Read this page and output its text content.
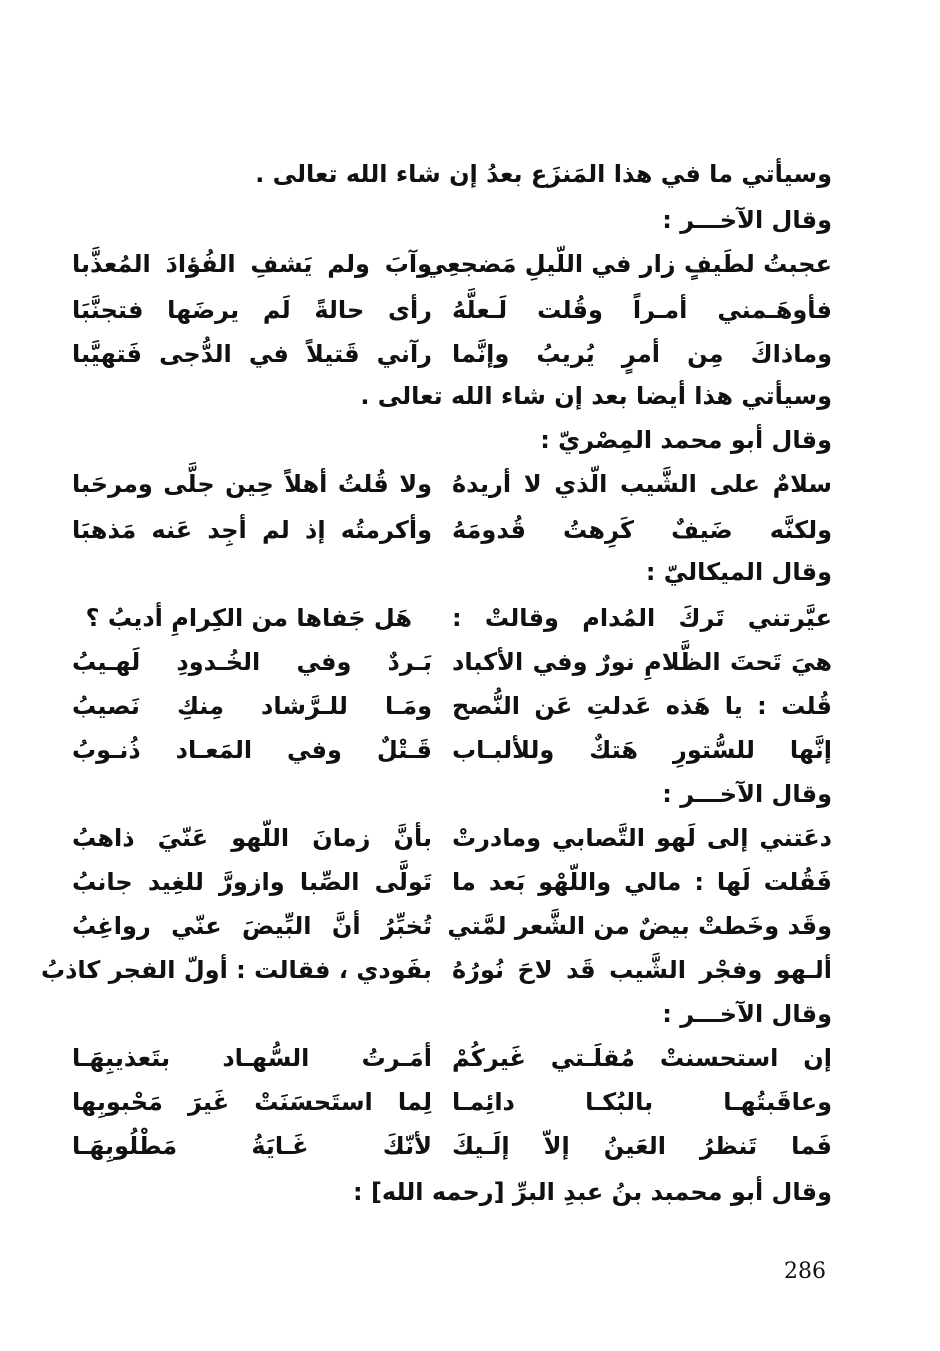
وسيأتي ما في هذا المَنزَع بعدُ إن شاء الله تعالى .
وقال الآخـــر :
عجبتُ لطَيفٍ زار في اللّيلِ مَضجعِي
وآبَ ولم يَشفِ الفُؤادَ المُعذَّبا
فأوهَـمني أمـراً وقُلت لَـعلَّهُ
رأى حالةً لَم يرضَها فتجنَّبَا
وماذاكَ مِن أمرٍ يُريبُ وإنَّما
رآني قَتيلاً في الدُّجى فَتهيَّبا
وسيأتي هذا أيضا بعد إن شاء الله تعالى .
وقال أبو محمد المِصْريّ :
سلامٌ على الشَّيب الّذي لا أريدهُ
ولا قُلتُ أهلاً حِين جلَّى ومرحَبا
ولكنَّه ضَيفٌ كَرِهتُ قُدومَهُ
وأكرمتُه إذ لم أجِد عَنه مَذهبَا
وقال الميكاليّ :
عيَّرتني تَركَ المُدام وقالتْ :
هَل جَفاها من الكِرامِ أديبُ ؟
هيَ تَحتَ الظَّلامِ نورٌ وفي الأكباد
بَـردٌ وفي الخُـدودِ لَهـيبُ
قُلت : يا هَذه عَدلتِ عَن النُّصح
ومَـا للـرَّشاد مِنكِ نَصيبُ
إنَّها للسُّتورِ هَتكٌ وللألبـاب
قَـتْلٌ وفي المَعـاد ذُنـوبُ
وقال الآخـــر :
دعَتني إلى لَهو التَّصابي ومادرتْ
بأنَّ زمانَ اللّهو عَنّيَ ذاهبُ
فَقُلت لَها : مالي واللّهْو بَعد ما
تَولَّى الصِّبا وازورَّ للغِيد جانبُ
وقَد وخَطتْ بيضٌ من الشَّعر لمَّتي
تُخبِّرُ أنَّ البِّيضَ عنّي رواغِبُ
ألـهو وفجْر الشَّيب قَد لاحَ نُورُهُ
بفَودي ، فقالت : أولّ الفجر كاذبُ
وقال الآخـــر :
إن استحسنتْ مُقلَـتي غَيركُمْ
أمَـرتُ السُّهـاد بتَعذيبِهَـا
وعاقَبتُهـا بالبُكـا دائِمـا
لِما استَحسَنَتْ غَيرَ مَحْبوبِها
فَما تَنظرُ العَينُ إلاّ إلَـيكَ
لأنّكَ غَـايَةُ مَطْلُوبِهَـا
وقال أبو محمبد بنُ عبدِ البرِّ [رحمه الله] :
286
